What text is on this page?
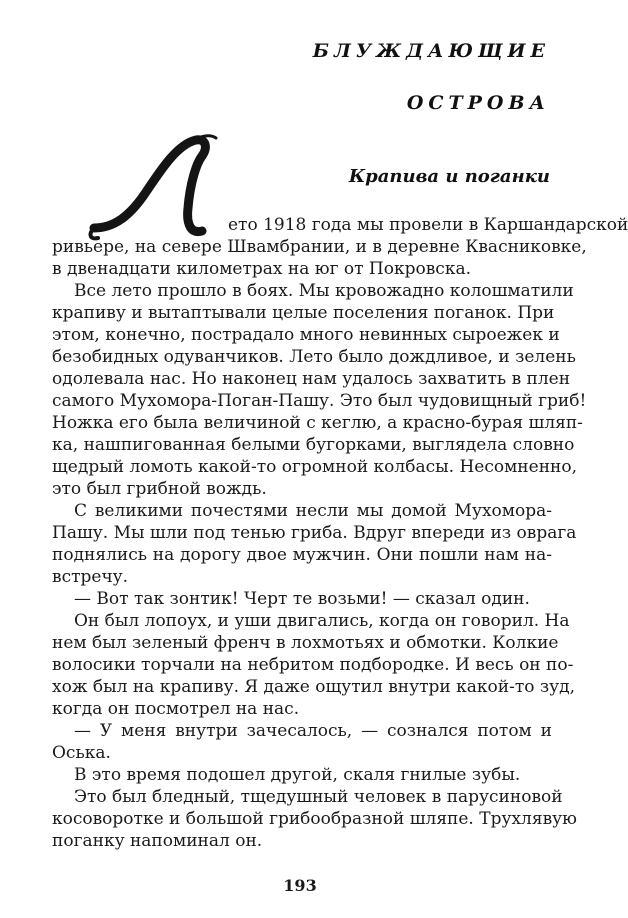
БЛУЖДАЮЩИЕ
ОСТРОВА
Крапива и поганки
ето 1918 года мы провели в Каршандарской
ривьере, на севере Швамбрании, и в деревне Квасниковке,
в двенадцати километрах на юг от Покровска.
Все лето прошло в боях. Мы кровожадно колошматили
крапиву и вытаптывали целые поселения поганок. При
этом, конечно, пострадало много невинных сыроежек и
безобидных одуванчиков. Лето было дождливое, и зелень
одолевала нас. Но наконец нам удалось захватить в плен
самого Мухомора-Поган-Пашу. Это был чудовищный гриб!
Ножка его была величиной с кеглю, а красно-бурая шляп-
ка, нашпигованная белыми бугорками, выглядела словно
щедрый ломоть какой-то огромной колбасы. Несомненно,
это был грибной вождь.
С великими почестями несли мы домой Мухомора-
Пашу. Мы шли под тенью гриба. Вдруг впереди из оврага
поднялись на дорогу двое мужчин. Они пошли нам на-
встречу.
— Вот так зонтик! Черт те возьми! — сказал один.
Он был лопоух, и уши двигались, когда он говорил. На
нем был зеленый френч в лохмотьях и обмотки. Колкие
волосики торчали на небритом подбородке. И весь он по-
хож был на крапиву. Я даже ощутил внутри какой-то зуд,
когда он посмотрел на нас.
— У меня внутри зачесалось, — сознался потом и
Оська.
В это время подошел другой, скаля гнилые зубы.
Это был бледный, тщедушный человек в парусиновой
косоворотке и большой грибообразной шляпе. Трухлявую
поганку напоминал он.
193
